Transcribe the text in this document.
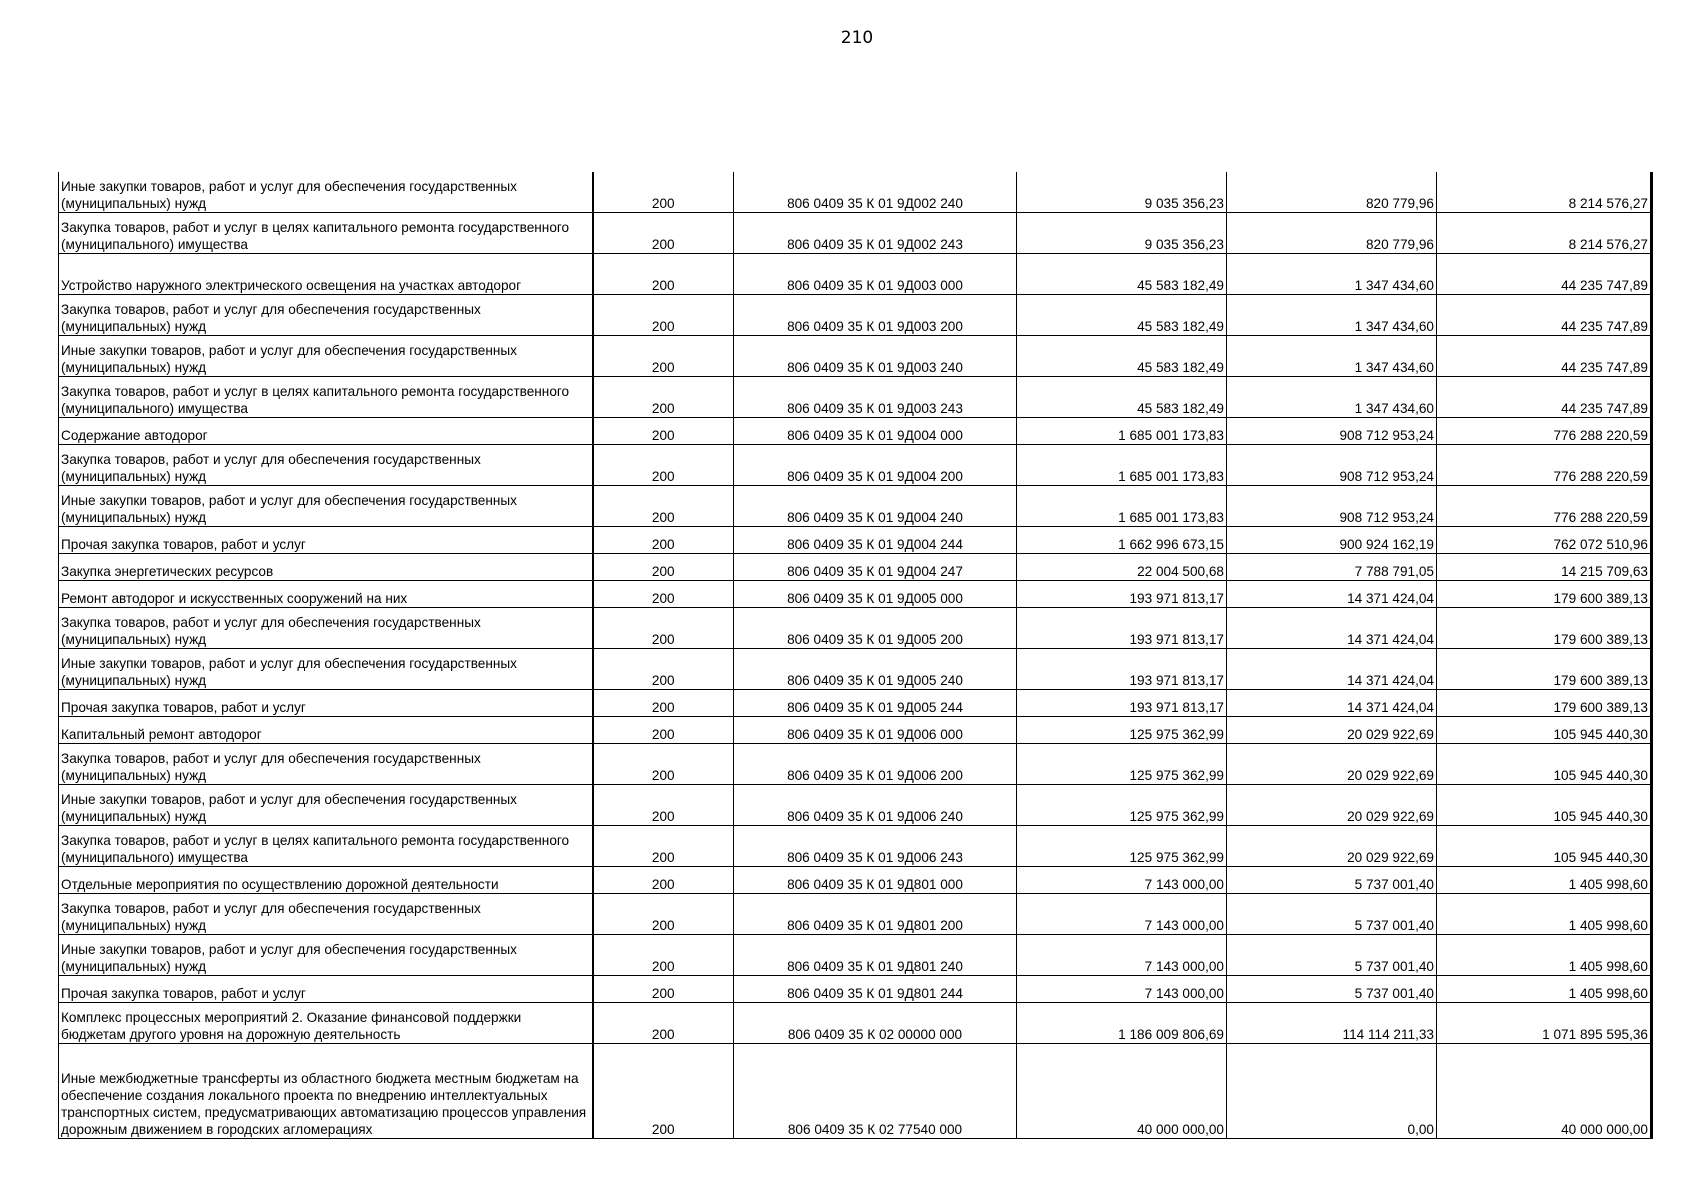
210
Иные закупки товаров, работ и услуг для обеспечения государственных (муниципальных) нужд	200	806 0409 35 К 01 9Д002 240	9 035 356,23	820 779,96	8 214 576,27
Закупка товаров, работ и услуг в целях капитального ремонта государственного (муниципального) имущества	200	806 0409 35 К 01 9Д002 243	9 035 356,23	820 779,96	8 214 576,27
Устройство наружного электрического освещения на участках автодорог	200	806 0409 35 К 01 9Д003 000	45 583 182,49	1 347 434,60	44 235 747,89
Закупка товаров, работ и услуг для обеспечения государственных (муниципальных) нужд	200	806 0409 35 К 01 9Д003 200	45 583 182,49	1 347 434,60	44 235 747,89
Иные закупки товаров, работ и услуг для обеспечения государственных (муниципальных) нужд	200	806 0409 35 К 01 9Д003 240	45 583 182,49	1 347 434,60	44 235 747,89
Закупка товаров, работ и услуг в целях капитального ремонта государственного (муниципального) имущества	200	806 0409 35 К 01 9Д003 243	45 583 182,49	1 347 434,60	44 235 747,89
Содержание автодорог	200	806 0409 35 К 01 9Д004 000	1 685 001 173,83	908 712 953,24	776 288 220,59
Закупка товаров, работ и услуг для обеспечения государственных (муниципальных) нужд	200	806 0409 35 К 01 9Д004 200	1 685 001 173,83	908 712 953,24	776 288 220,59
Иные закупки товаров, работ и услуг для обеспечения государственных (муниципальных) нужд	200	806 0409 35 К 01 9Д004 240	1 685 001 173,83	908 712 953,24	776 288 220,59
Прочая закупка товаров, работ и услуг	200	806 0409 35 К 01 9Д004 244	1 662 996 673,15	900 924 162,19	762 072 510,96
Закупка энергетических ресурсов	200	806 0409 35 К 01 9Д004 247	22 004 500,68	7 788 791,05	14 215 709,63
Ремонт автодорог и искусственных сооружений на них	200	806 0409 35 К 01 9Д005 000	193 971 813,17	14 371 424,04	179 600 389,13
Закупка товаров, работ и услуг для обеспечения государственных (муниципальных) нужд	200	806 0409 35 К 01 9Д005 200	193 971 813,17	14 371 424,04	179 600 389,13
Иные закупки товаров, работ и услуг для обеспечения государственных (муниципальных) нужд	200	806 0409 35 К 01 9Д005 240	193 971 813,17	14 371 424,04	179 600 389,13
Прочая закупка товаров, работ и услуг	200	806 0409 35 К 01 9Д005 244	193 971 813,17	14 371 424,04	179 600 389,13
Капитальный ремонт автодорог	200	806 0409 35 К 01 9Д006 000	125 975 362,99	20 029 922,69	105 945 440,30
Закупка товаров, работ и услуг для обеспечения государственных (муниципальных) нужд	200	806 0409 35 К 01 9Д006 200	125 975 362,99	20 029 922,69	105 945 440,30
Иные закупки товаров, работ и услуг для обеспечения государственных (муниципальных) нужд	200	806 0409 35 К 01 9Д006 240	125 975 362,99	20 029 922,69	105 945 440,30
Закупка товаров, работ и услуг в целях капитального ремонта государственного (муниципального) имущества	200	806 0409 35 К 01 9Д006 243	125 975 362,99	20 029 922,69	105 945 440,30
Отдельные мероприятия по осуществлению дорожной деятельности	200	806 0409 35 К 01 9Д801 000	7 143 000,00	5 737 001,40	1 405 998,60
Закупка товаров, работ и услуг для обеспечения государственных (муниципальных) нужд	200	806 0409 35 К 01 9Д801 200	7 143 000,00	5 737 001,40	1 405 998,60
Иные закупки товаров, работ и услуг для обеспечения государственных (муниципальных) нужд	200	806 0409 35 К 01 9Д801 240	7 143 000,00	5 737 001,40	1 405 998,60
Прочая закупка товаров, работ и услуг	200	806 0409 35 К 01 9Д801 244	7 143 000,00	5 737 001,40	1 405 998,60
Комплекс процессных мероприятий 2. Оказание финансовой поддержки бюджетам другого уровня на дорожную деятельность	200	806 0409 35 К 02 00000 000	1 186 009 806,69	114 114 211,33	1 071 895 595,36
Иные межбюджетные трансферты из областного бюджета местным бюджетам на обеспечение создания локального проекта по внедрению интеллектуальных транспортных систем, предусматривающих автоматизацию процессов управления дорожным движением в городских агломерациях	200	806 0409 35 К 02 77540 000	40 000 000,00	0,00	40 000 000,00
